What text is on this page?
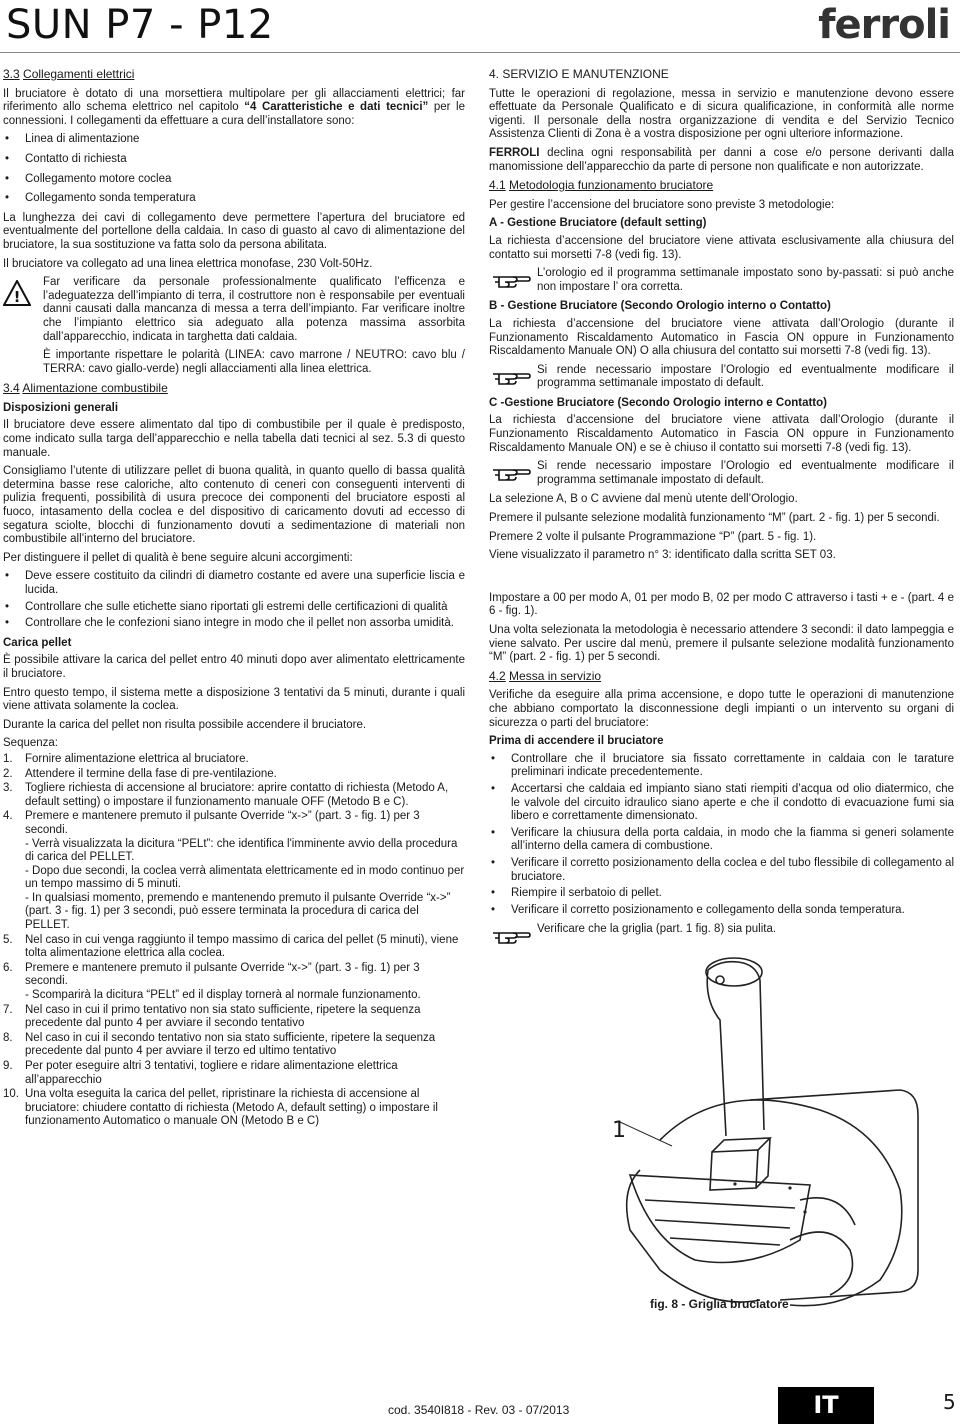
SUN P7 - P12	ferroli
3.3 Collegamenti elettrici

Il bruciatore è dotato di una morsettiera multipolare per gli allacciamenti elettrici; far riferimento allo schema elettrico nel capitolo “4 Caratteristiche e dati tecnici” per le connessioni. I collegamenti da effettuare a cura dell’installatore sono:

• Linea di alimentazione
• Contatto di richiesta
• Collegamento motore coclea
• Collegamento sonda temperatura

La lunghezza dei cavi di collegamento deve permettere l’apertura del bruciatore ed eventualmente del portellone della caldaia. In caso di guasto al cavo di alimentazione del bruciatore, la sua sostituzione va fatta solo da persona abilitata.

Il bruciatore va collegato ad una linea elettrica monofase, 230 Volt-50Hz.

!

Far verificare da personale professionalmente qualificato l’efficenza e l’adeguatezza dell’impianto di terra, il costruttore non è responsabile per eventuali danni causati dalla mancanza di messa a terra dell’impianto. Far verificare inoltre che l’impianto elettrico sia adeguato alla potenza massima assorbita dall’apparecchio, indicata in targhetta dati caldaia.

È importante rispettare le polarità (LINEA: cavo marrone / NEUTRO: cavo blu / TERRA: cavo giallo-verde) negli allacciamenti alla linea elettrica.

3.4 Alimentazione combustibile
Disposizioni generali

Il bruciatore deve essere alimentato dal tipo di combustibile per il quale è predisposto, come indicato sulla targa dell’apparecchio e nella tabella dati tecnici al sez. 5.3 di questo manuale.

Consigliamo l’utente di utilizzare pellet di buona qualità, in quanto quello di bassa qualità determina basse rese caloriche, alto contenuto di ceneri con conseguenti interventi di pulizia frequenti, possibilità di usura precoce dei componenti del bruciatore esposti al fuoco, intasamento della coclea e del dispositivo di caricamento dovuti ad eccesso di segatura sciolte, blocchi di funzionamento dovuti a sedimentazione di materiali non combustibile all’interno del bruciatore.

Per distinguere il pellet di qualità è bene seguire alcuni accorgimenti:

• Deve essere costituito da cilindri di diametro costante ed avere una superficie liscia e lucida.
• Controllare che sulle etichette siano riportati gli estremi delle certificazioni di qualità
• Controllare che le confezioni siano integre in modo che il pellet non assorba umidità.
Carica pellet

È possibile attivare la carica del pellet entro 40 minuti dopo aver alimentato elettricamente il bruciatore.

Entro questo tempo, il sistema mette a disposizione 3 tentativi da 5 minuti, durante i quali viene attivata solamente la coclea.

Durante la carica del pellet non risulta possibile accendere il bruciatore.

Sequenza:

1. Fornire alimentazione elettrica al bruciatore.
2. Attendere il termine della fase di pre-ventilazione.
3. Togliere richiesta di accensione al bruciatore: aprire contatto di richiesta (Metodo A, default setting) o impostare il funzionamento manuale OFF (Metodo B e C).
4. Premere e mantenere premuto il pulsante Override “x->” (part. 3 - fig. 1) per 3 secondi.
- Verrà visualizzata la dicitura “PELt”: che identifica l'imminente avvio della procedura di carica del PELLET.
- Dopo due secondi, la coclea verrà alimentata elettricamente ed in modo continuo per un tempo massimo di 5 minuti.
- In qualsiasi momento, premendo e mantenendo premuto il pulsante Override “x->” (part. 3 - fig. 1) per 3 secondi, può essere terminata la procedura di carica del PELLET.
5. Nel caso in cui venga raggiunto il tempo massimo di carica del pellet (5 minuti), viene tolta alimentazione elettrica alla coclea.
6. Premere e mantenere premuto il pulsante Override “x->” (part. 3 - fig. 1) per 3 secondi.
- Scomparirà la dicitura “PELt” ed il display tornerà al normale funzionamento.
7. Nel caso in cui il primo tentativo non sia stato sufficiente, ripetere la sequenza precedente dal punto 4 per avviare il secondo tentativo
8. Nel caso in cui il secondo tentativo non sia stato sufficiente, ripetere la sequenza precedente dal punto 4 per avviare il terzo ed ultimo tentativo
9. Per poter eseguire altri 3 tentativi, togliere e ridare alimentazione elettrica all’apparecchio
10. Una volta eseguita la carica del pellet, ripristinare la richiesta di accensione al bruciatore: chiudere contatto di richiesta (Metodo A, default setting) o impostare il funzionamento Automatico o manuale ON (Metodo B e C)
4. SERVIZIO E MANUTENZIONE

Tutte le operazioni di regolazione, messa in servizio e manutenzione devono essere effettuate da Personale Qualificato e di sicura qualificazione, in conformità alle norme vigenti. Il personale della nostra organizzazione di vendita e del Servizio Tecnico Assistenza Clienti di Zona è a vostra disposizione per ogni ulteriore informazione.

FERROLI declina ogni responsabilità per danni a cose e/o persone derivanti dalla manomissione dell’apparecchio da parte di persone non qualificate e non autorizzate.

4.1 Metodologia funzionamento bruciatore

Per gestire l’accensione del bruciatore sono previste 3 metodologie:

A - Gestione Bruciatore (default setting)

La richiesta d’accensione del bruciatore viene attivata esclusivamente alla chiusura del contatto sui morsetti 7-8 (vedi fig. 13).

L’orologio ed il programma settimanale impostato sono by-passati: si può anche non impostare l’ ora corretta.

B - Gestione Bruciatore (Secondo Orologio interno o Contatto)

La richiesta d’accensione del bruciatore viene attivata dall’Orologio (durante il Funzionamento Riscaldamento Automatico in Fascia ON oppure in Funzionamento Riscaldamento Manuale ON) O alla chiusura del contatto sui morsetti 7-8 (vedi fig. 13).

Si rende necessario impostare l’Orologio ed eventualmente modificare il programma settimanale impostato di default.

C -Gestione Bruciatore (Secondo Orologio interno e Contatto)

La richiesta d’accensione del bruciatore viene attivata dall’Orologio (durante il Funzionamento Riscaldamento Automatico in Fascia ON oppure in Funzionamento Riscaldamento Manuale ON) e se è chiuso il contatto sui morsetti 7-8 (vedi fig. 13).

Si rende necessario impostare l’Orologio ed eventualmente modificare il programma settimanale impostato di default.

La selezione A, B o C avviene dal menù utente dell’Orologio.

Premere il pulsante selezione modalità funzionamento “M” (part. 2 - fig. 1) per 5 secondi.

Premere 2 volte il pulsante Programmazione “P” (part. 5 - fig. 1).

Viene visualizzato il parametro n° 3: identificato dalla scritta SET 03.

Impostare a 00 per modo A, 01 per modo B, 02 per modo C attraverso i tasti + e - (part. 4 e 6 - fig. 1).

Una volta selezionata la metodologia è necessario attendere 3 secondi: il dato lampeggia e viene salvato. Per uscire dal menù, premere il pulsante selezione modalità funzionamento “M” (part. 2 - fig. 1) per 5 secondi.

4.2 Messa in servizio

Verifiche da eseguire alla prima accensione, e dopo tutte le operazioni di manutenzione che abbiano comportato la disconnessione degli impianti o un intervento su organi di sicurezza o parti del bruciatore:

Prima di accendere il bruciatore
• Controllare che il bruciatore sia fissato correttamente in caldaia con le tarature preliminari indicate precedentemente.
• Accertarsi che caldaia ed impianto siano stati riempiti d’acqua od olio diatermico, che le valvole del circuito idraulico siano aperte e che il condotto di evacuazione fumi sia libero e correttamente dimensionato.
• Verificare la chiusura della porta caldaia, in modo che la fiamma si generi solamente all’interno della camera di combustione.
• Verificare il corretto posizionamento della coclea e del tubo flessibile di collegamento al bruciatore.
• Riempire il serbatoio di pellet.
• Verificare il corretto posizionamento e collegamento della sonda temperatura.

Verificare che la griglia (part. 1 fig. 8) sia pulita.

1
fig. 8 - Griglia bruciatore
cod. 3540I818 - Rev. 03 - 07/2013	IT	5
